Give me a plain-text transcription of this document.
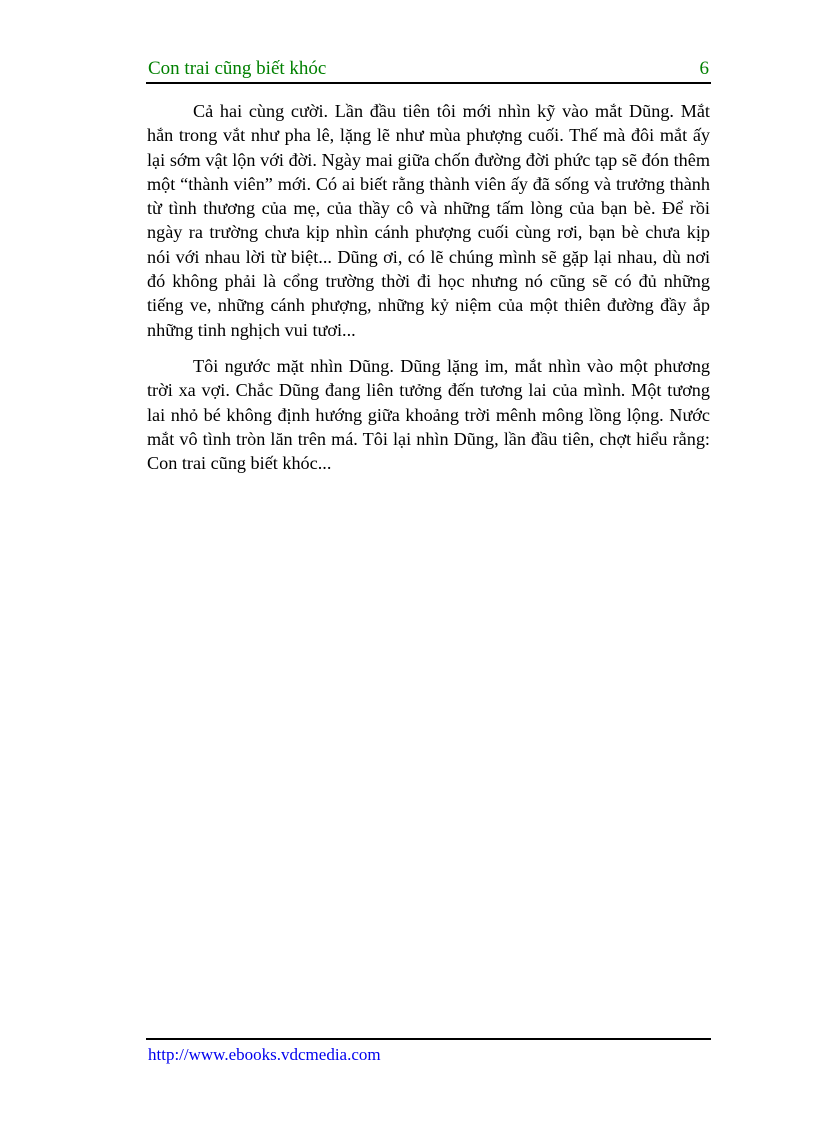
Con trai cũng biết khóc	6

Cả hai cùng cười. Lần đầu tiên tôi mới nhìn kỹ vào mắt Dũng. Mắt hắn trong vắt như pha lê, lặng lẽ như mùa phượng cuối. Thế mà đôi mắt ấy lại sớm vật lộn với đời. Ngày mai giữa chốn đường đời phức tạp sẽ đón thêm một “thành viên” mới. Có ai biết rằng thành viên ấy đã sống và trưởng thành từ tình thương của mẹ, của thầy cô và những tấm lòng của bạn bè. Để rồi ngày ra trường chưa kịp nhìn cánh phượng cuối cùng rơi, bạn bè chưa kịp nói với nhau lời từ biệt... Dũng ơi, có lẽ chúng mình sẽ gặp lại nhau, dù nơi đó không phải là cổng trường thời đi học nhưng nó cũng sẽ có đủ những tiếng ve, những cánh phượng, những kỷ niệm của một thiên đường đầy ắp những tinh nghịch vui tươi...

Tôi ngước mặt nhìn Dũng. Dũng lặng im, mắt nhìn vào một phương trời xa vợi. Chắc Dũng đang liên tưởng đến tương lai của mình. Một tương lai nhỏ bé không định hướng giữa khoảng trời mênh mông lồng lộng. Nước mắt vô tình tròn lăn trên má. Tôi lại nhìn Dũng, lần đầu tiên, chợt hiểu rằng: Con trai cũng biết khóc...

http://www.ebooks.vdcmedia.com
